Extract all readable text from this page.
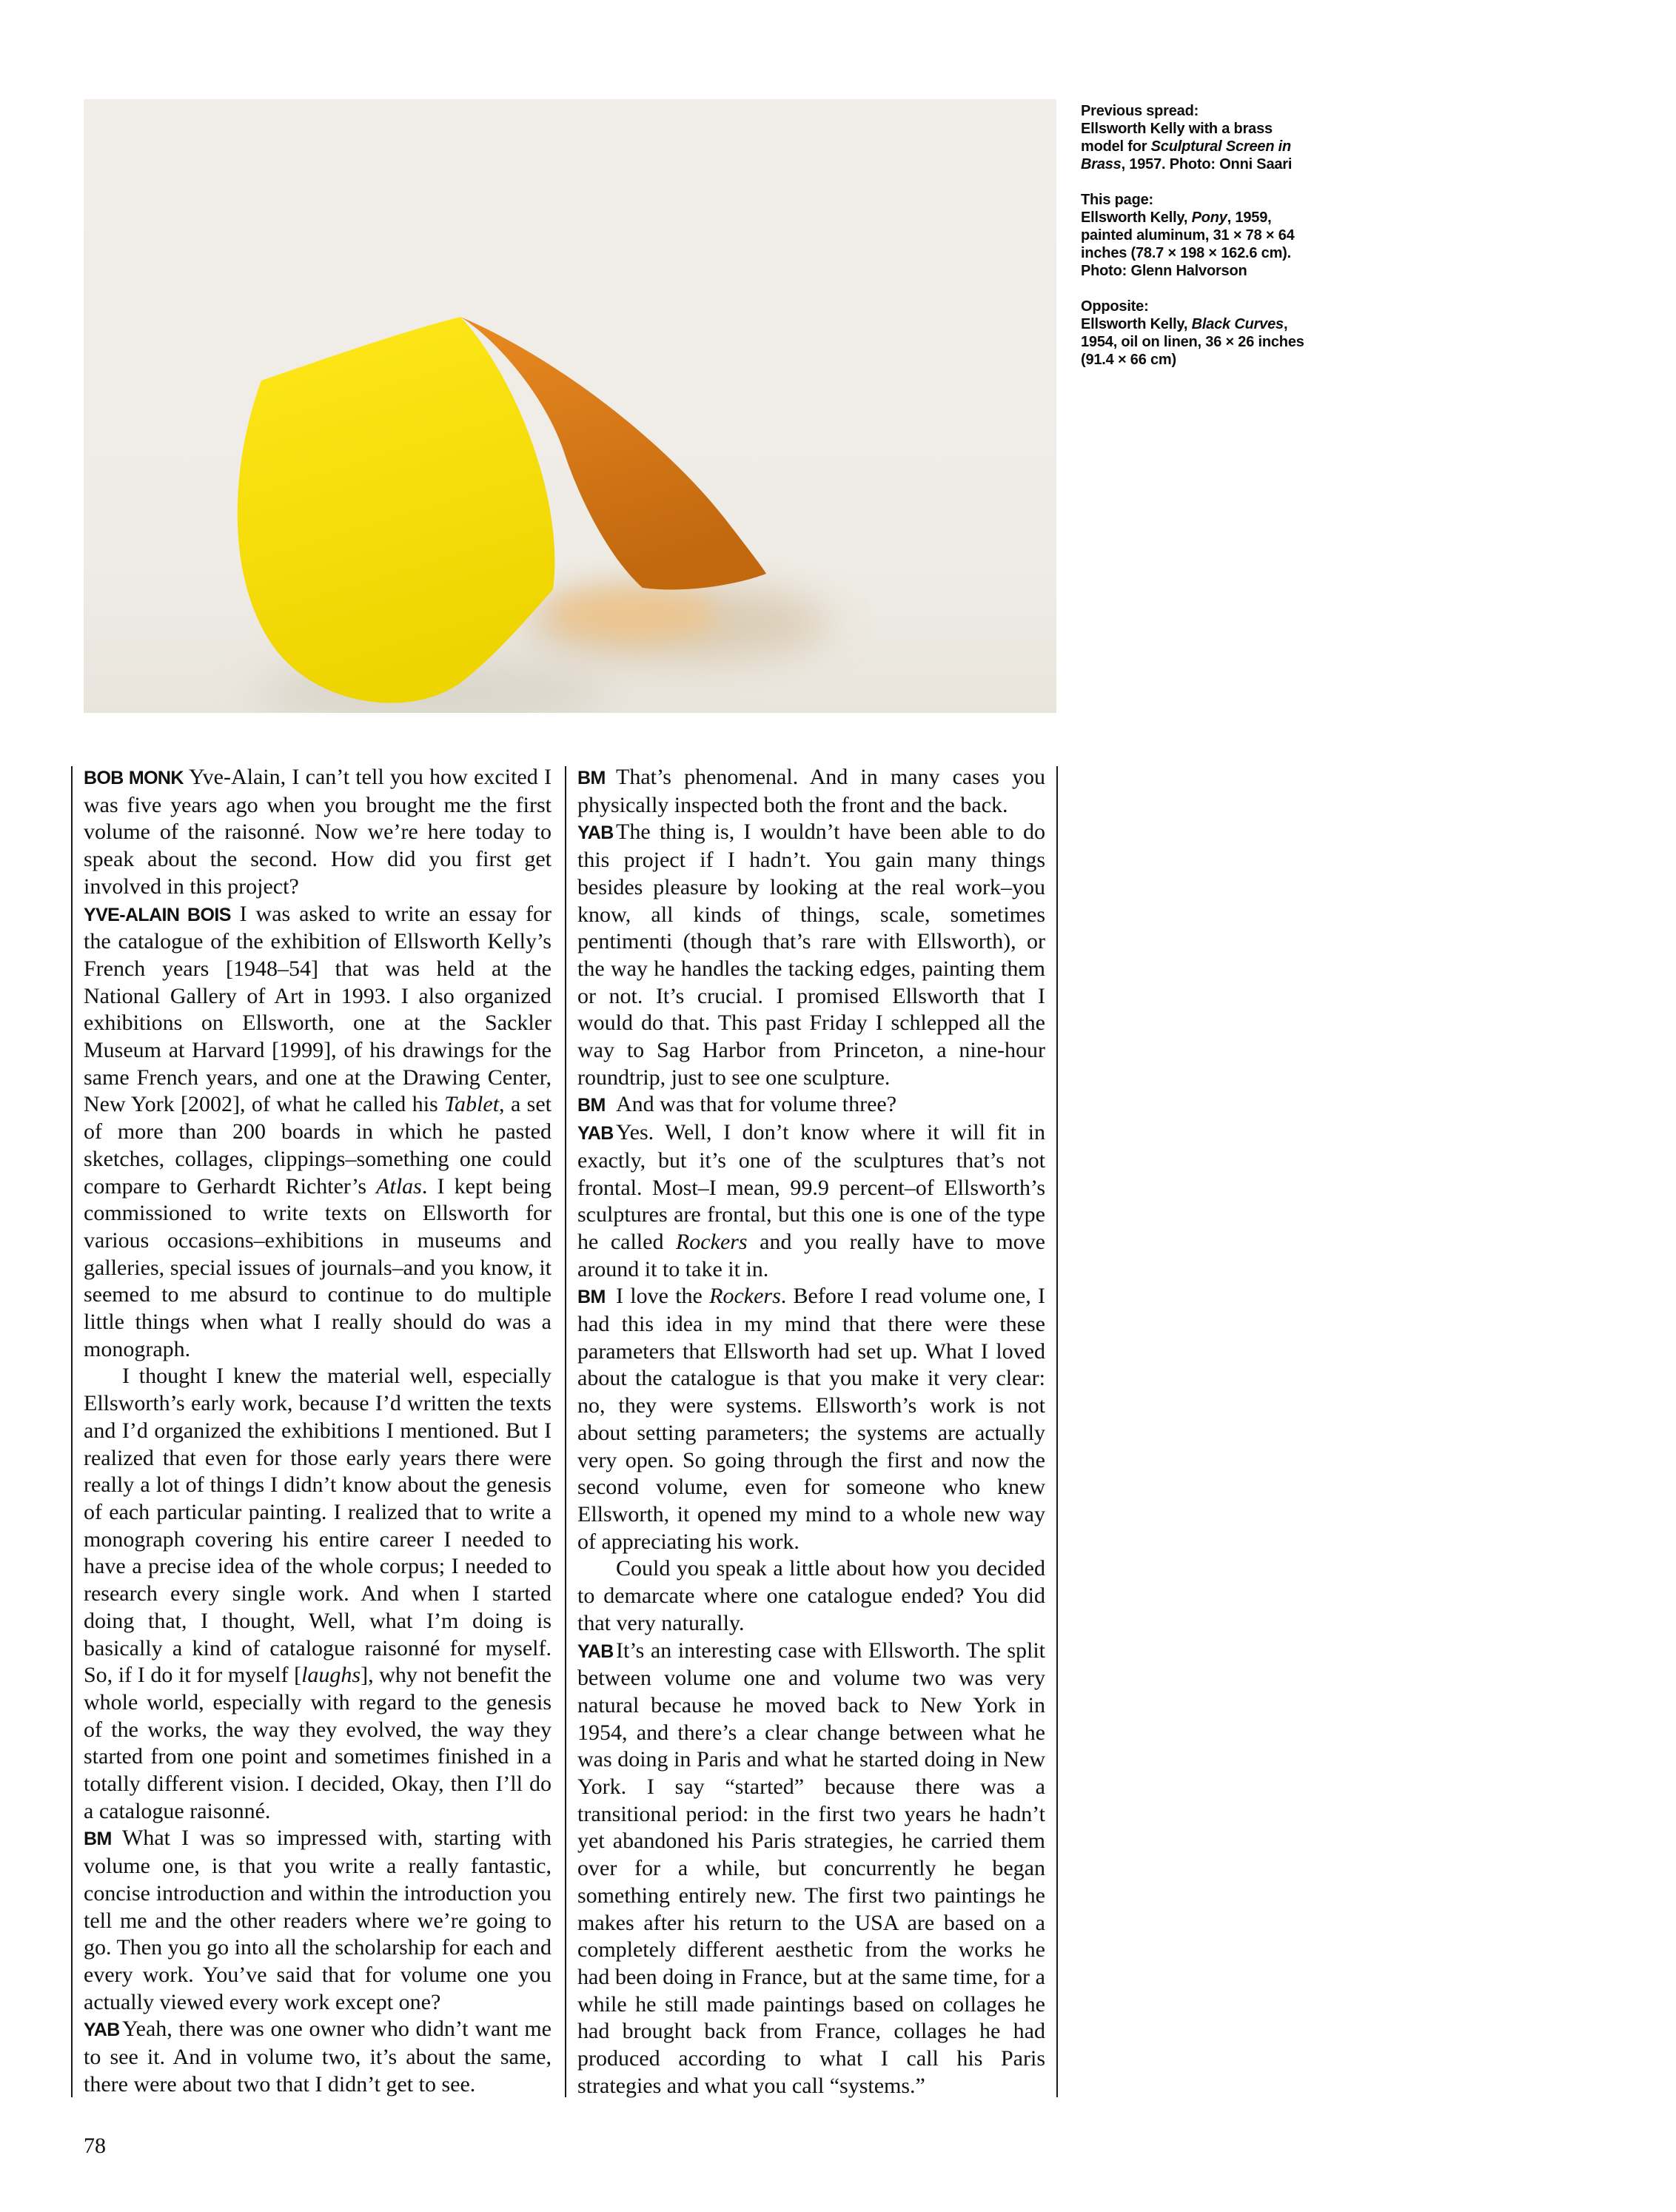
Previous spread:
Ellsworth Kelly with a brass model for Sculptural Screen in Brass, 1957. Photo: Onni Saari
This page:
Ellsworth Kelly, Pony, 1959, painted aluminum, 31 × 78 × 64 inches (78.7 × 198 × 162.6 cm). Photo: Glenn Halvorson
Opposite:
Ellsworth Kelly, Black Curves, 1954, oil on linen, 36 × 26 inches (91.4 × 66 cm)

BOB MONK Yve-Alain, I can’t tell you how excited I was five years ago when you brought me the first volume of the raisonné. Now we’re here today to speak about the second. How did you first get involved in this project?

YVE-ALAIN BOIS I was asked to write an essay for the catalogue of the exhibition of Ellsworth Kelly’s French years [1948–54] that was held at the National Gallery of Art in 1993. I also organized exhibitions on Ellsworth, one at the Sackler Museum at Harvard [1999], of his drawings for the same French years, and one at the Drawing Center, New York [2002], of what he called his Tablet, a set of more than 200 boards in which he pasted sketches, collages, clippings–something one could compare to Gerhardt Richter’s Atlas. I kept being commissioned to write texts on Ellsworth for various occasions–exhibitions in museums and galleries, special issues of journals–and you know, it seemed to me absurd to continue to do multiple little things when what I really should do was a monograph.

I thought I knew the material well, especially Ellsworth’s early work, because I’d written the texts and I’d organized the exhibitions I mentioned. But I realized that even for those early years there were really a lot of things I didn’t know about the genesis of each particular painting. I realized that to write a monograph covering his entire career I needed to have a precise idea of the whole corpus; I needed to research every single work. And when I started doing that, I thought, Well, what I’m doing is basically a kind of catalogue raisonné for myself. So, if I do it for myself [laughs], why not benefit the whole world, especially with regard to the genesis of the works, the way they evolved, the way they started from one point and sometimes finished in a totally different vision. I decided, Okay, then I’ll do a catalogue raisonné.

BM What I was so impressed with, starting with volume one, is that you write a really fantastic, concise introduction and within the introduction you tell me and the other readers where we’re going to go. Then you go into all the scholarship for each and every work. You’ve said that for volume one you actually viewed every work except one?

YAB Yeah, there was one owner who didn’t want me to see it. And in volume two, it’s about the same, there were about two that I didn’t get to see.

BM That’s phenomenal. And in many cases you physically inspected both the front and the back.

YAB The thing is, I wouldn’t have been able to do this project if I hadn’t. You gain many things besides pleasure by looking at the real work–you know, all kinds of things, scale, sometimes pentimenti (though that’s rare with Ellsworth), or the way he handles the tacking edges, painting them or not. It’s crucial. I promised Ellsworth that I would do that. This past Friday I schlepped all the way to Sag Harbor from Princeton, a nine-hour roundtrip, just to see one sculpture.

BM And was that for volume three?

YAB Yes. Well, I don’t know where it will fit in exactly, but it’s one of the sculptures that’s not frontal. Most–I mean, 99.9 percent–of Ellsworth’s sculptures are frontal, but this one is one of the type he called Rockers and you really have to move around it to take it in.

BM I love the Rockers. Before I read volume one, I had this idea in my mind that there were these parameters that Ellsworth had set up. What I loved about the catalogue is that you make it very clear: no, they were systems. Ellsworth’s work is not about setting parameters; the systems are actually very open. So going through the first and now the second volume, even for someone who knew Ellsworth, it opened my mind to a whole new way of appreciating his work.

Could you speak a little about how you decided to demarcate where one catalogue ended? You did that very naturally.

YAB It’s an interesting case with Ellsworth. The split between volume one and volume two was very natural because he moved back to New York in 1954, and there’s a clear change between what he was doing in Paris and what he started doing in New York. I say “started” because there was a transitional period: in the first two years he hadn’t yet abandoned his Paris strategies, he carried them over for a while, but concurrently he began something entirely new. The first two paintings he makes after his return to the USA are based on a completely different aesthetic from the works he had been doing in France, but at the same time, for a while he still made paintings based on collages he had brought back from France, collages he had produced according to what I call his Paris strategies and what you call “systems.”

78
